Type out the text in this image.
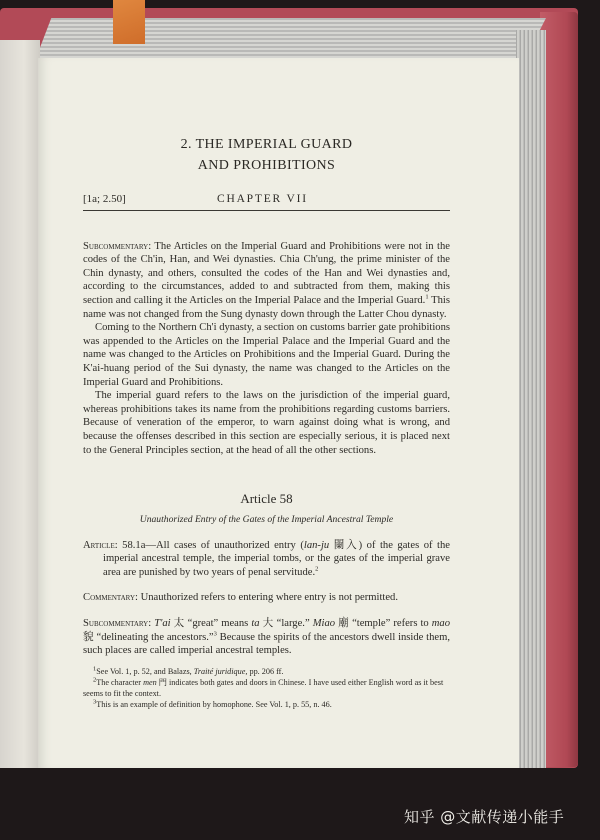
2. THE IMPERIAL GUARD

AND PROHIBITIONS

[1a; 2.50]	CHAPTER VII

Subcommentary: The Articles on the Imperial Guard and Prohibitions were not in the codes of the Ch'in, Han, and Wei dynasties. Chia Ch'ung, the prime minister of the Chin dynasty, and others, consulted the codes of the Han and Wei dynasties and, according to the circumstances, added to and subtracted from them, making this section and calling it the Articles on the Imperial Palace and the Imperial Guard.$^1$ This name was not changed from the Sung dynasty down through the Latter Chou dynasty.

Coming to the Northern Ch'i dynasty, a section on customs barrier gate prohibitions was appended to the Articles on the Imperial Palace and the Imperial Guard and the name was changed to the Articles on Prohibitions and the Imperial Guard. During the K'ai-huang period of the Sui dynasty, the name was changed to the Articles on the Imperial Guard and Prohibitions.

The imperial guard refers to the laws on the jurisdiction of the imperial guard, whereas prohibitions takes its name from the prohibitions regarding customs barriers. Because of veneration of the emperor, to warn against doing what is wrong, and because the offenses described in this section are especially serious, it is placed next to the General Principles section, at the head of all the other sections.

Article 58
Unauthorized Entry of the Gates of the Imperial Ancestral Temple

Article: 58.1a—All cases of unauthorized entry (lan-ju 闌入) of the gates of the imperial ancestral temple, the imperial tombs, or the gates of the imperial grave area are punished by two years of penal servitude.$^2$

Commentary: Unauthorized refers to entering where entry is not permitted.

Subcommentary: T'ai 太 “great” means ta 大 “large.” Miao 廟 “temple” refers to mao 貌 “delineating the ancestors.”$^3$ Because the spirits of the ancestors dwell inside them, such places are called imperial ancestral temples.

$^1$See Vol. 1, p. 52, and Balazs, Traité juridique, pp. 206 ff.

$^2$The character men 門 indicates both gates and doors in Chinese. I have used either English word as it best seems to fit the context.

$^3$This is an example of definition by homophone. See Vol. 1, p. 55, n. 46.

知乎 @文献传递小能手
